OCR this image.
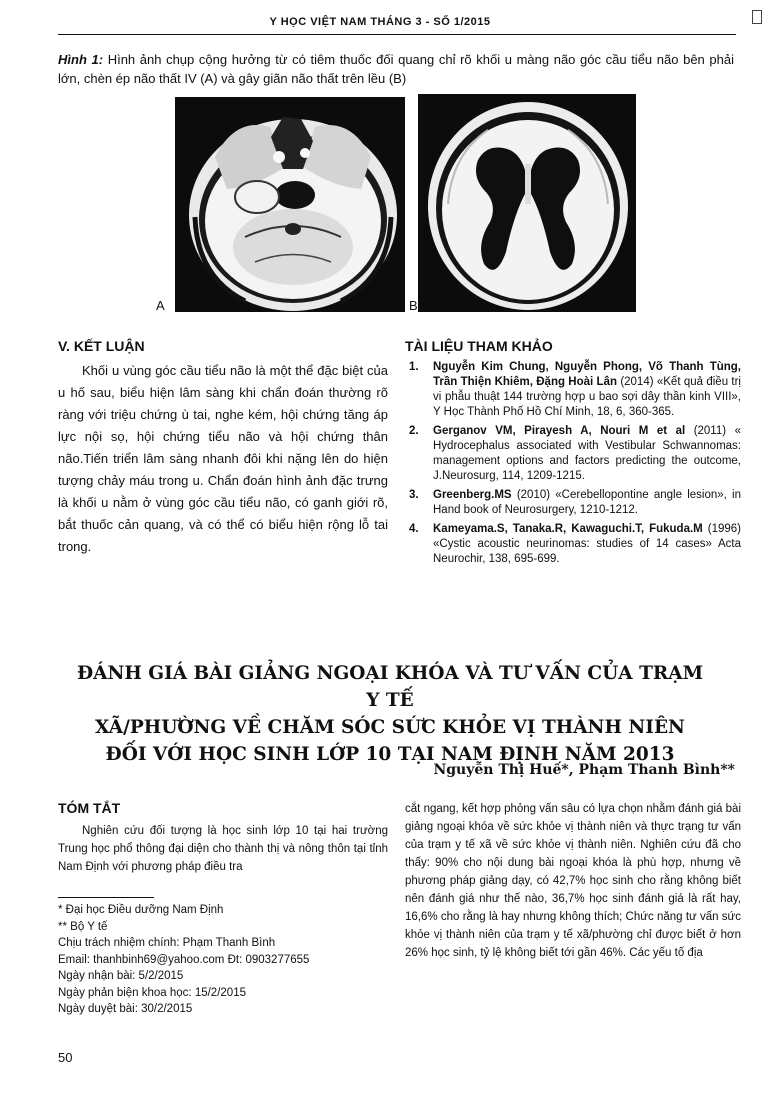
Y HỌC VIỆT NAM THÁNG 3 - SỐ 1/2015
Hình 1: Hình ảnh chụp cộng hưởng từ có tiêm thuốc đối quang chỉ rõ khối u màng não góc cầu tiểu não bên phải lớn, chèn ép não thất IV (A) và gây giãn não thất trên lều (B)
A	B
V. KẾT LUẬN

Khối u vùng góc cầu tiểu não là một thể đặc biệt của u hố sau, biểu hiện lâm sàng khi chẩn đoán thường rõ ràng với triệu chứng ù tai, nghe kém, hội chứng tăng áp lực nội sọ, hội chứng tiểu não và hội chứng thân não.Tiến triển lâm sàng nhanh đôi khi nặng lên do hiện tượng chảy máu trong u. Chẩn đoán hình ảnh đặc trưng là khối u nằm ở vùng góc cầu tiểu não, có ganh giới rõ, bắt thuốc cản quang, và có thể có biểu hiện rộng lỗ tai trong.

TÀI LIỆU THAM KHẢO
1. Nguyễn Kim Chung, Nguyễn Phong, Võ Thanh Tùng, Trần Thiện Khiêm, Đặng Hoài Lân (2014) «Kết quả điều trị vi phẫu thuật 144 trường hợp u bao sợi dây thần kinh VIII», Y Học Thành Phố Hồ Chí Minh, 18, 6, 360-365.
2. Gerganov VM, Pirayesh A, Nouri M et al (2011) « Hydrocephalus associated with Vestibular Schwannomas: management options and factors predicting the outcome, J.Neurosurg, 114, 1209-1215.
3. Greenberg.MS (2010) «Cerebellopontine angle lesion», in Hand book of Neurosurgery, 1210-1212.
4. Kameyama.S, Tanaka.R, Kawaguchi.T, Fukuda.M (1996) «Cystic acoustic neurinomas: studies of 14 cases» Acta Neurochir, 138, 695-699.
ĐÁNH GIÁ BÀI GIẢNG NGOẠI KHÓA VÀ TƯ VẤN CỦA TRẠM Y TẾ
XÃ/PHƯỜNG VỀ CHĂM SÓC SỨC KHỎE VỊ THÀNH NIÊN
ĐỐI VỚI HỌC SINH LỚP 10 TẠI NAM ĐỊNH NĂM 2013
Nguyễn Thị Huế*, Phạm Thanh Bình**
TÓM TẮT

Nghiên cứu đối tượng là học sinh lớp 10 tại hai trường Trung học phổ thông đại diện cho thành thị và nông thôn tại tỉnh Nam Định với phương pháp điều tra

cắt ngang, kết hợp phỏng vấn sâu có lựa chọn nhằm đánh giá bài giảng ngoại khóa về sức khỏe vị thành niên và thực trạng tư vấn của trạm y tế xã về sức khỏe vị thành niên. Nghiên cứu đã cho thấy: 90% cho nội dung bài ngoại khóa là phù hợp, nhưng về phương pháp giảng dạy, có 42,7% học sinh cho rằng không biết nên đánh giá như thế nào, 36,7% học sinh đánh giá là rất hay, 16,6% cho rằng là hay nhưng không thích; Chức năng tư vấn sức khỏe vị thành niên của trạm y tế xã/phường chỉ được biết ở hơn 26% học sinh, tỷ lệ không biết tới gần 46%. Các yếu tố địa

* Đại học Điều dưỡng Nam Định
** Bộ Y tế
Chịu trách nhiệm chính: Phạm Thanh Bình
Email: thanhbinh69@yahoo.com Đt: 0903277655
Ngày nhận bài: 5/2/2015
Ngày phản biện khoa học: 15/2/2015
Ngày duyệt bài: 30/2/2015
50
